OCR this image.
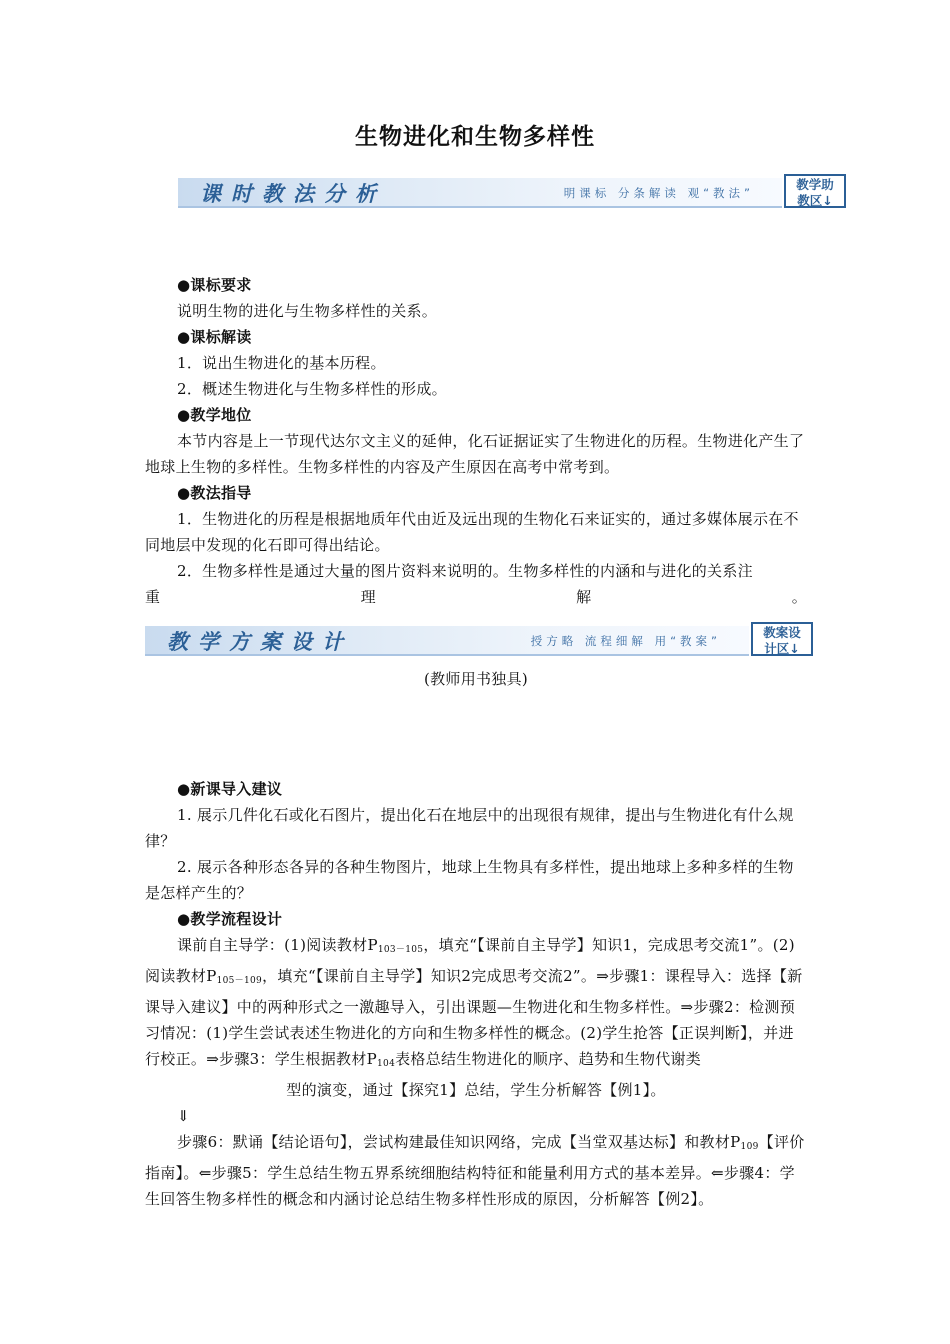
生物进化和生物多样性
课时教法分析	明课标 分条解读 观“教法”
教学助
教区↓

●课标要求

说明生物的进化与生物多样性的关系。

●课标解读

1．说出生物进化的基本历程。

2．概述生物进化与生物多样性的形成。

●教学地位

本节内容是上一节现代达尔文主义的延伸，化石证据证实了生物进化的历程。生物进化产生了地球上生物的多样性。生物多样性的内容及产生原因在高考中常考到。

●教法指导

1．生物进化的历程是根据地质年代由近及远出现的生物化石来证实的，通过多媒体展示在不同地层中发现的化石即可得出结论。

2．生物多样性是通过大量的图片资料来说明的。生物多样性的内涵和与进化的关系注

重理解。

教学方案设计	授方略 流程细解 用“教案”
教案设
计区↓
(教师用书独具)

●新课导入建议

1. 展示几件化石或化石图片，提出化石在地层中的出现很有规律，提出与生物进化有什么规律？

2. 展示各种形态各异的各种生物图片，地球上生物具有多样性，提出地球上多种多样的生物是怎样产生的？

●教学流程设计

课前自主导学：(1)阅读教材$P_{103-105}$，填充“【课前自主导学】知识1，完成思考交流1”。(2)阅读教材$P_{105-109}$，填充“【课前自主导学】知识2完成思考交流2”。⇒步骤1：课程导入：选择【新课导入建议】中的两种形式之一激趣导入，引出课题—生物进化和生物多样性。⇒步骤2：检测预习情况：(1)学生尝试表述生物进化的方向和生物多样性的概念。(2)学生抢答【正误判断】，并进行校正。⇒步骤3：学生根据教材$P_{104}$表格总结生物进化的顺序、趋势和生物代谢类

型的演变，通过【探究1】总结，学生分析解答【例1】。

⇓

步骤6：默诵【结论语句】，尝试构建最佳知识网络，完成【当堂双基达标】和教材$P_{109}$【评价指南】。⇐步骤5：学生总结生物五界系统细胞结构特征和能量利用方式的基本差异。⇐步骤4：学生回答生物多样性的概念和内涵讨论总结生物多样性形成的原因，分析解答【例2】。
